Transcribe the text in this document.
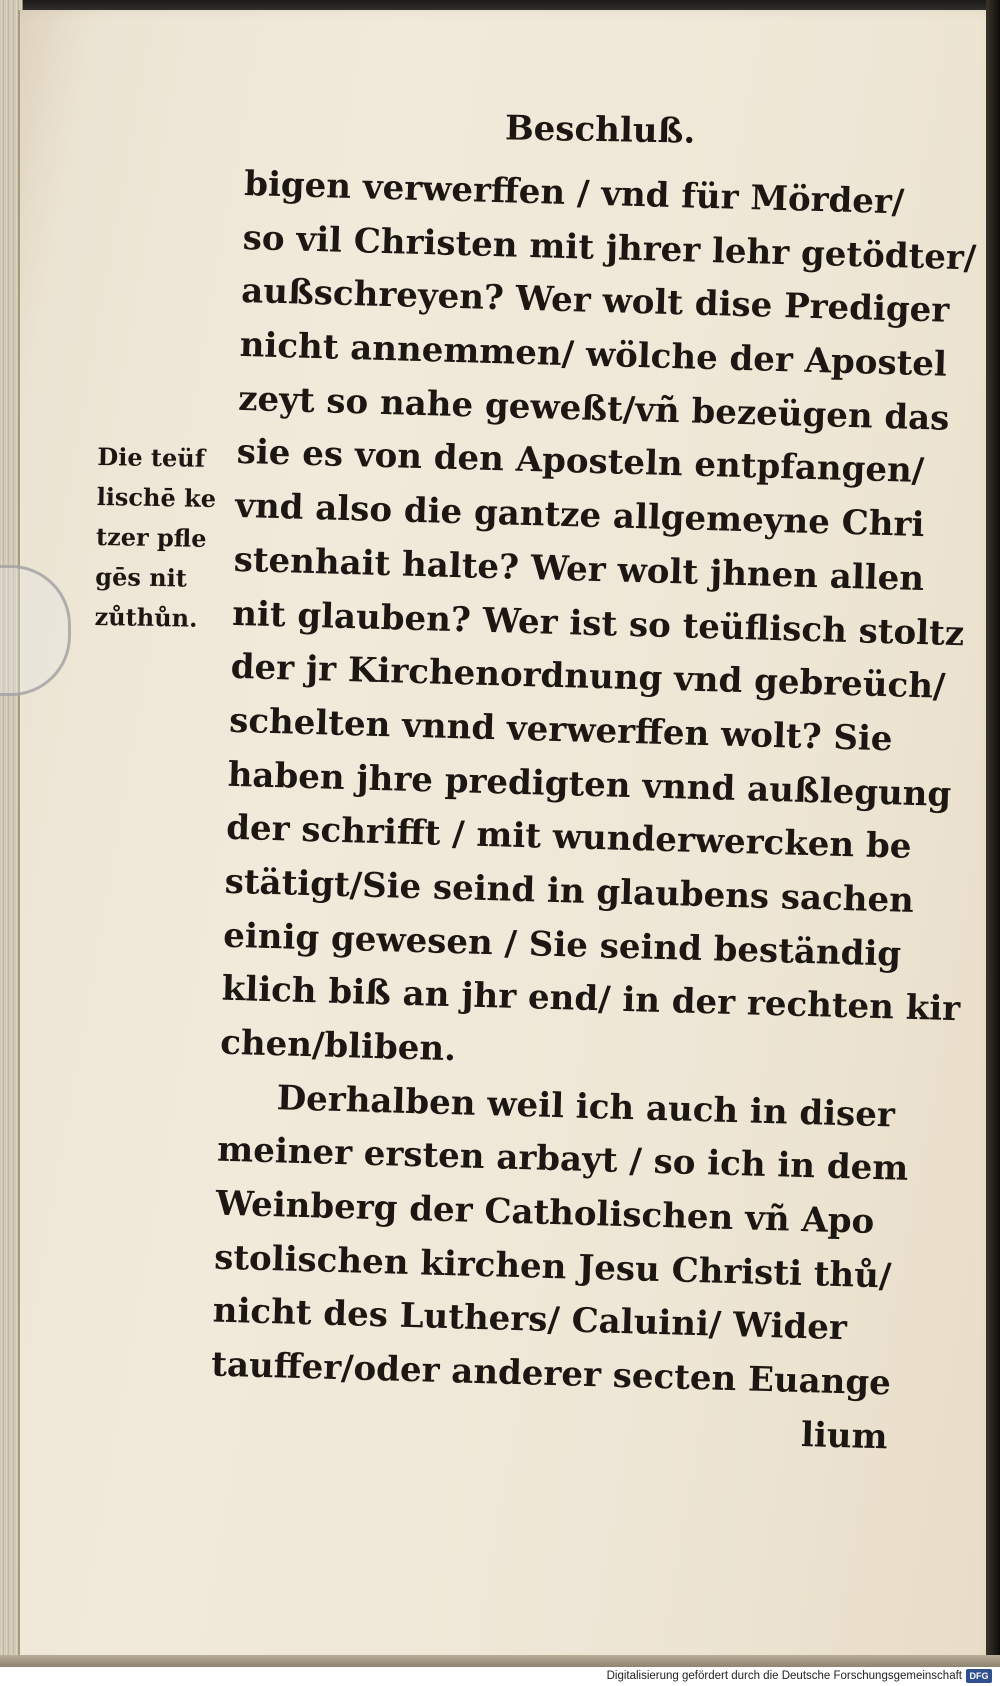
Beschluß.
Die teüf
lischē ke
tzer pfle
gēs nit
zůthůn.
bigen verwerffen / vnd für Mörder/
so vil Christen mit jhrer lehr getödter/
außschreyen? Wer wolt dise Prediger
nicht annemmen/ wölche der Apostel
zeyt so nahe geweßt/vñ bezeügen das
sie es von den Aposteln entpfangen/
vnd also die gantze allgemeyne Chri
stenhait halte? Wer wolt jhnen allen
nit glauben? Wer ist so teüflisch stoltz
der jr Kirchenordnung vnd gebreüch/
schelten vnnd verwerffen wolt? Sie
haben jhre predigten vnnd außlegung
der schrifft / mit wunderwercken be
stätigt/Sie seind in glaubens sachen
einig gewesen / Sie seind beständig
klich biß an jhr end/ in der rechten kir
chen/bliben.
Derhalben weil ich auch in diser
meiner ersten arbayt / so ich in dem
Weinberg der Catholischen vñ Apo
stolischen kirchen Jesu Christi thů/
nicht des Luthers/ Caluini/ Wider
tauffer/oder anderer secten Euange
lium
Digitalisierung gefördert durch die Deutsche Forschungsgemeinschaft DFG
